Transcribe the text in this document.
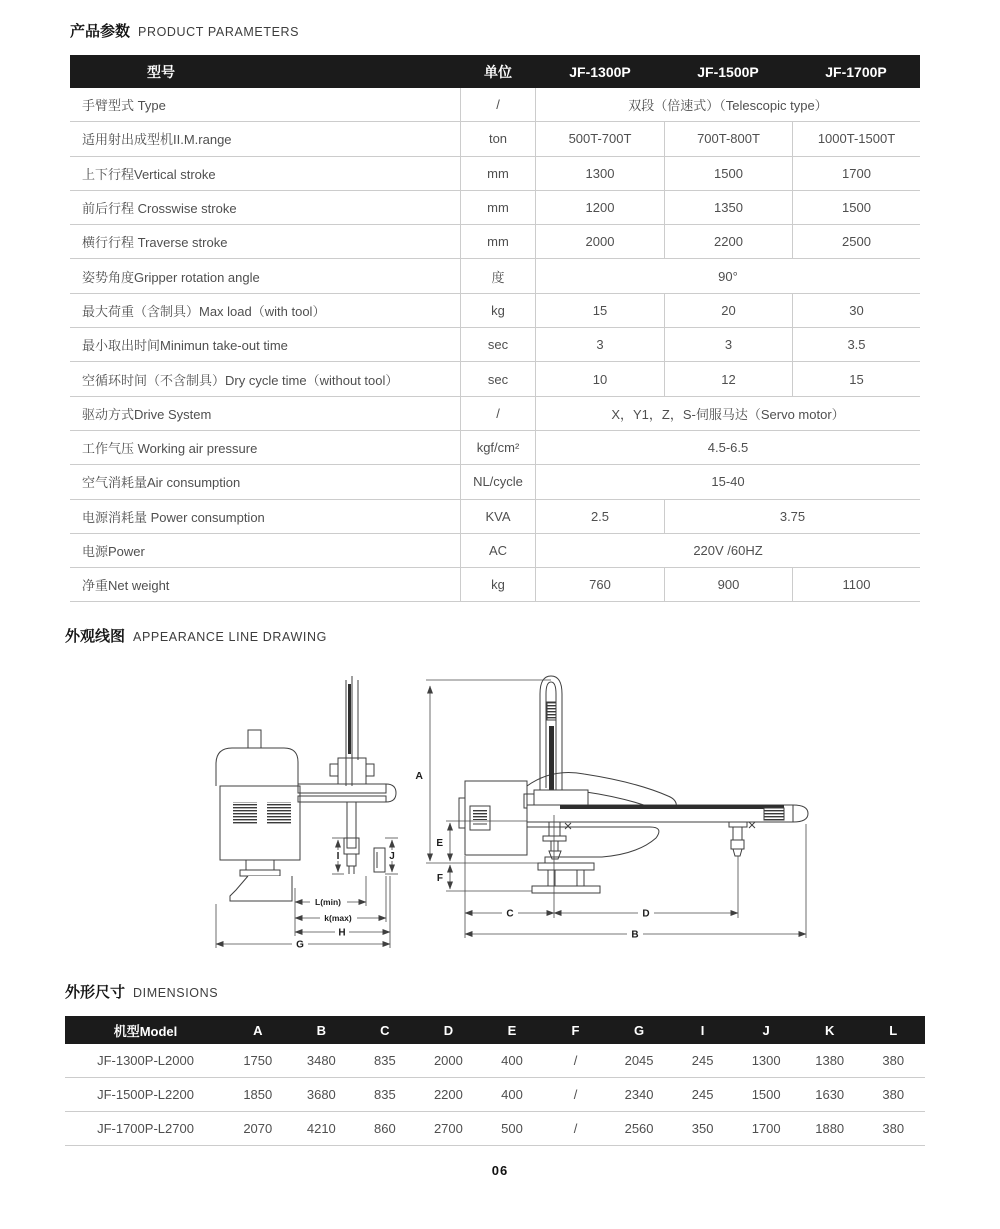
产品参数 PRODUCT PARAMETERS
型号	单位	JF-1300P	JF-1500P	JF-1700P
手臂型式 Type	/	双段（倍速式）（Telescopic type）
适用射出成型机II.M.range	ton	500T-700T	700T-800T	1000T-1500T
上下行程Vertical stroke	mm	1300	1500	1700
前后行程 Crosswise stroke	mm	1200	1350	1500
横行行程 Traverse stroke	mm	2000	2200	2500
姿势角度Gripper rotation angle	度	90°
最大荷重（含制具）Max load（with tool）	kg	15	20	30
最小取出时间Minimun take-out time	sec	3	3	3.5
空循环时间（不含制具）Dry cycle time（without tool）	sec	10	12	15
驱动方式Drive System	/	X，Y1，Z，S-伺服马达（Servo motor）
工作气压 Working air pressure	kgf/cm²	4.5-6.5
空气消耗量Air consumption	NL/cycle	15-40
电源消耗量 Power consumption	KVA	2.5	3.75
电源Power	AC	220V /60HZ
净重Net weight	kg	760	900	1100
外观线图 APPEARANCE LINE DRAWING
I	J
L(min)
k(max)
H
G
A
E
F
C	D
B
外形尺寸 DIMENSIONS
机型Model	A	B	C	D	E	F	G	I	J	K	L
JF-1300P-L2000	1750	3480	835	2000	400	/	2045	245	1300	1380	380
JF-1500P-L2200	1850	3680	835	2200	400	/	2340	245	1500	1630	380
JF-1700P-L2700	2070	4210	860	2700	500	/	2560	350	1700	1880	380
06
